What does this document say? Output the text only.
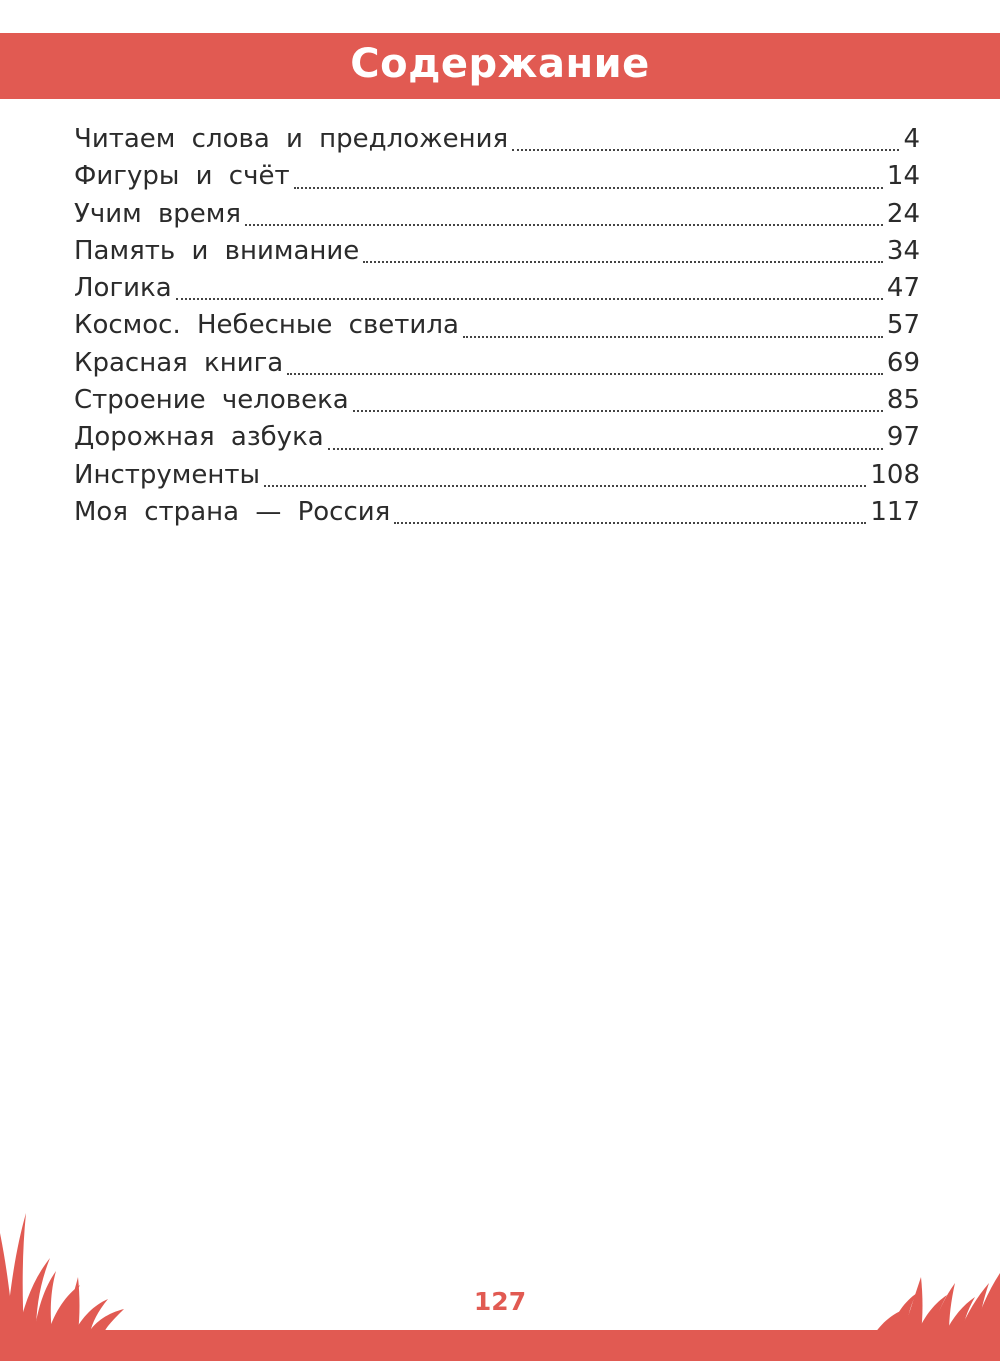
Содержание
Читаем слова и предложения	4
Фигуры и счёт	14
Учим время	24
Память и внимание	34
Логика	47
Космос. Небесные светила	57
Красная книга	69
Строение человека	85
Дорожная азбука	97
Инструменты	108
Моя страна — Россия	117
127
